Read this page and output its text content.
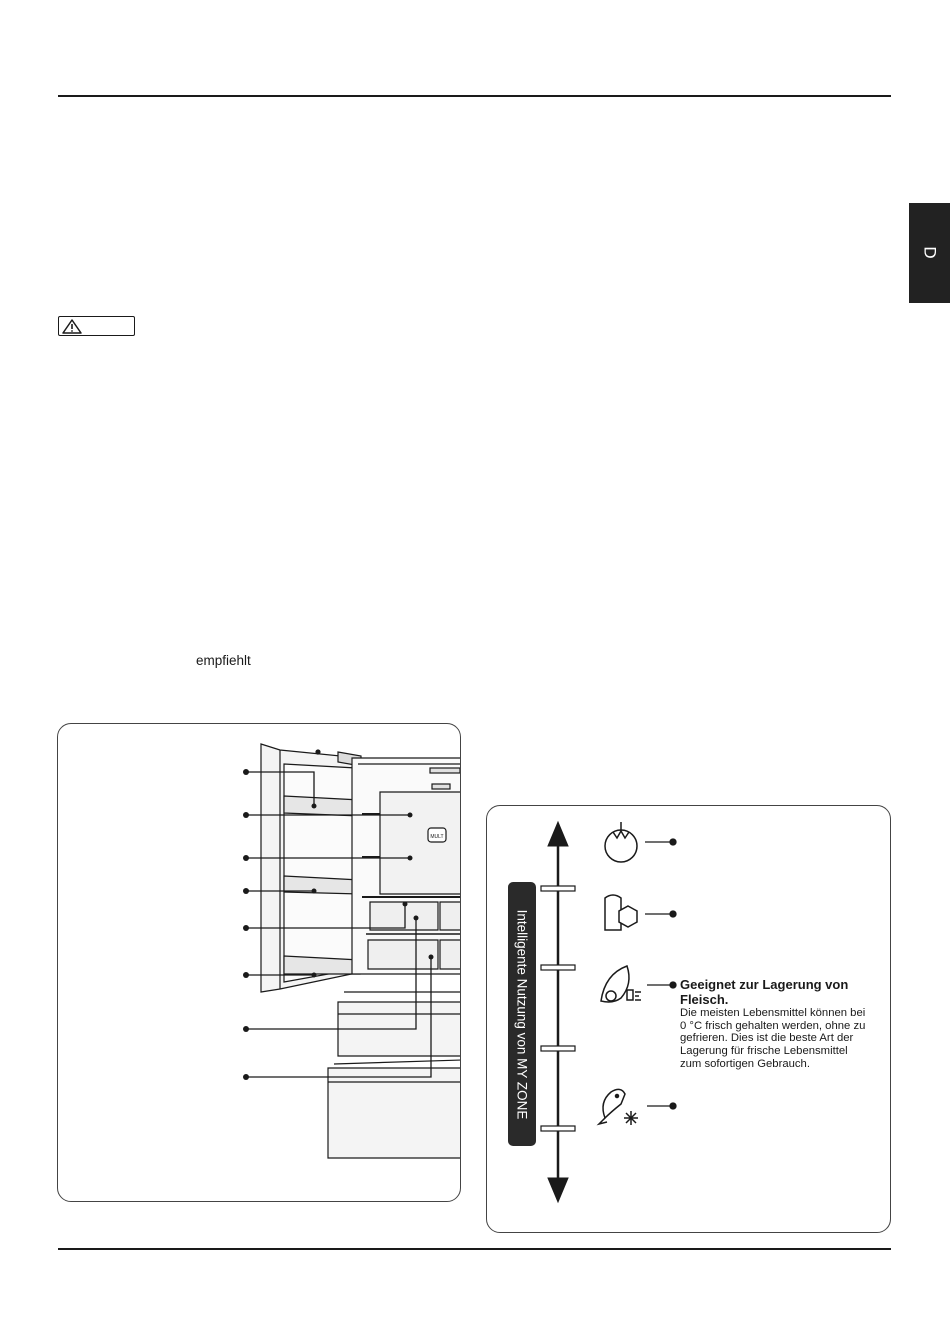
D
empfiehlt
MULT
Intelligente Nutzung von MY ZONE	Geeignet zur Lagerung von Fleisch.
Die meisten Lebensmittel können bei 0 °C frisch gehalten werden, ohne zu gefrieren. Dies ist die beste Art der Lagerung für frische Lebensmittel zum sofortigen Gebrauch.
